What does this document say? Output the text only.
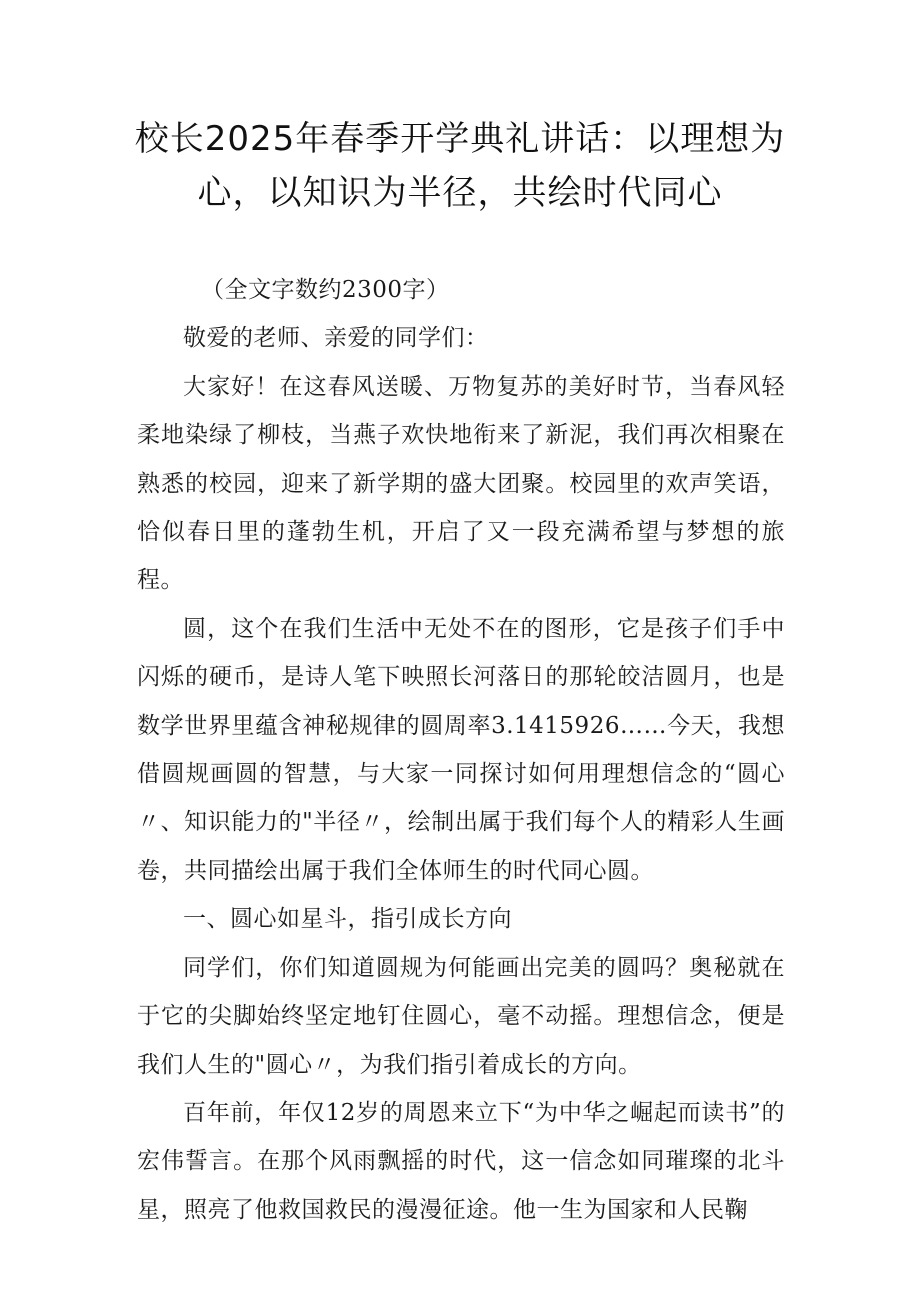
校长2025年春季开学典礼讲话：以理想为
心，以知识为半径，共绘时代同心

（全文字数约2300字）

敬爱的老师、亲爱的同学们：

大家好！在这春风送暖、万物复苏的美好时节，当春风轻柔地染绿了柳枝，当燕子欢快地衔来了新泥，我们再次相聚在熟悉的校园，迎来了新学期的盛大团聚。校园里的欢声笑语，恰似春日里的蓬勃生机，开启了又一段充满希望与梦想的旅程。

圆，这个在我们生活中无处不在的图形，它是孩子们手中闪烁的硬币，是诗人笔下映照长河落日的那轮皎洁圆月，也是数学世界里蕴含神秘规律的圆周率3.1415926……今天，我想借圆规画圆的智慧，与大家一同探讨如何用理想信念的“圆心〃、知识能力的"半径〃，绘制出属于我们每个人的精彩人生画卷，共同描绘出属于我们全体师生的时代同心圆。

一、圆心如星斗，指引成长方向

同学们，你们知道圆规为何能画出完美的圆吗？奥秘就在于它的尖脚始终坚定地钉住圆心，毫不动摇。理想信念，便是我们人生的"圆心〃，为我们指引着成长的方向。

百年前，年仅12岁的周恩来立下“为中华之崛起而读书”的宏伟誓言。在那个风雨飘摇的时代，这一信念如同璀璨的北斗星，照亮了他救国救民的漫漫征途。他一生为国家和人民鞠
